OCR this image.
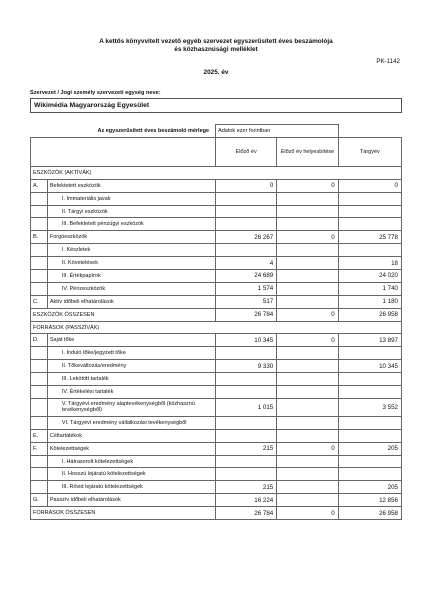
A kettős könyvvitelt vezető egyéb szervezet egyszerűsített éves beszámolója
és közhasznúsági melléklet
PK-1142
2025. év
Szervezet / Jogi személy szervezeti egység neve:
Wikimédia Magyarország Egyesület
Az egyszerűsített éves beszámoló mérlege		Adatok ezer forintban		
		Előző év	Előző év helyesbítése	Tárgyév
ESZKÖZÖK (AKTÍVÁK)				
A.	Befektetett eszközök	0	0	0
	I. Immateriális javak			
	II. Tárgyi eszközök			
	III. Befektetett pénzügyi eszközök			
B.	Forgóeszközök	26 267	0	25 778
	I. Készletek			
	II. Követelések	4		18
	III. Értékpapírok	24 689		24 020
	IV. Pénzeszközök	1 574		1 740
C.	Aktív időbeli elhatárolások	517		1 180
ESZKÖZÖK ÖSSZESEN		26 784	0	26 958
FORRÁSOK (PASSZÍVÁK)				
D.	Saját tőke	10 345	0	13 897
	I. Induló tőke/jegyzett tőke			
	II. Tőkeváltozás/eredmény	9 330		10 345
	III. Lekötött tartalék			
	IV. Értékelési tartalék			
	V. Tárgyévi eredmény alaptevékenységből (közhasznú tevékenységből)	1 015		3 552
	VI. Tárgyévi eredmény vállalkozási tevékenységből			
E.	Céltartalékok			
F.	Kötelezettségek	215	0	205
	I. Hátrasorolt kötelezettségek			
	II. Hosszú lejáratú kötelezettségek			
	III. Rövid lejáratú kötelezettségek	215		205
G.	Passzív időbeli elhatárolások	16 224		12 856
FORRÁSOK ÖSSZESEN		26 784	0	26 958
